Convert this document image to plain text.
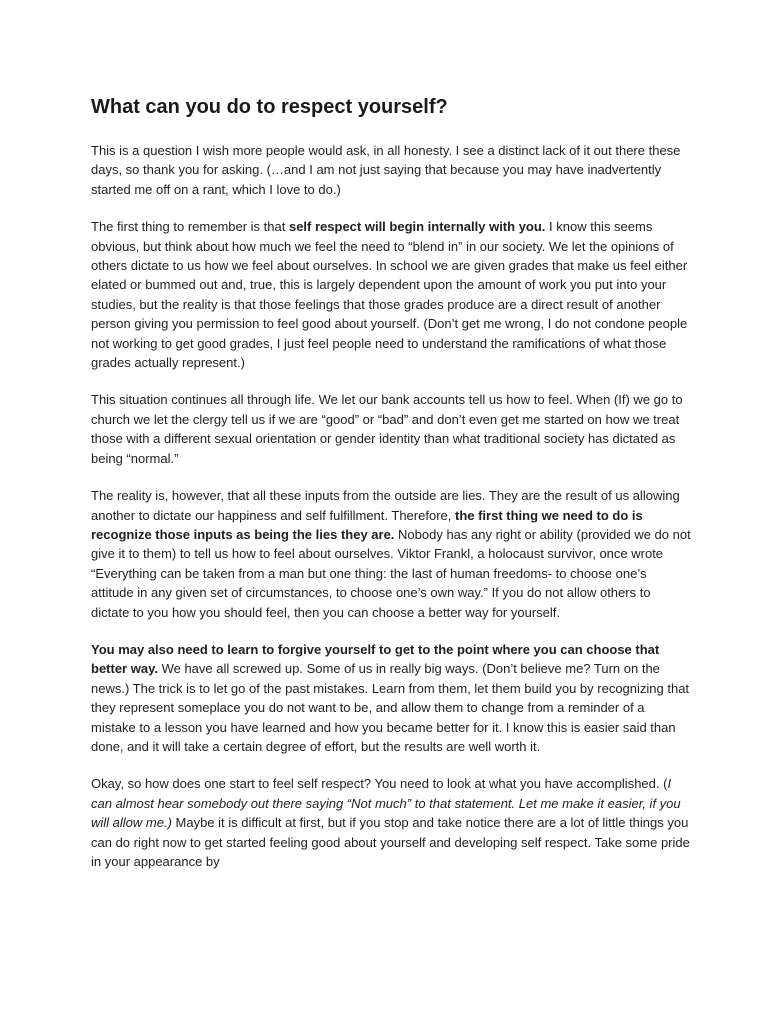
What can you do to respect yourself?

This is a question I wish more people would ask, in all honesty. I see a distinct lack of it out there these days, so thank you for asking. (…and I am not just saying that because you may have inadvertently started me off on a rant, which I love to do.)

The first thing to remember is that self respect will begin internally with you. I know this seems obvious, but think about how much we feel the need to “blend in” in our society. We let the opinions of others dictate to us how we feel about ourselves. In school we are given grades that make us feel either elated or bummed out and, true, this is largely dependent upon the amount of work you put into your studies, but the reality is that those feelings that those grades produce are a direct result of another person giving you permission to feel good about yourself. (Don’t get me wrong, I do not condone people not working to get good grades, I just feel people need to understand the ramifications of what those grades actually represent.)

This situation continues all through life. We let our bank accounts tell us how to feel. When (If) we go to church we let the clergy tell us if we are “good” or “bad” and don’t even get me started on how we treat those with a different sexual orientation or gender identity than what traditional society has dictated as being “normal.”

The reality is, however, that all these inputs from the outside are lies. They are the result of us allowing another to dictate our happiness and self fulfillment. Therefore, the first thing we need to do is recognize those inputs as being the lies they are. Nobody has any right or ability (provided we do not give it to them) to tell us how to feel about ourselves. Viktor Frankl, a holocaust survivor, once wrote “Everything can be taken from a man but one thing: the last of human freedoms- to choose one’s attitude in any given set of circumstances, to choose one’s own way.” If you do not allow others to dictate to you how you should feel, then you can choose a better way for yourself.

You may also need to learn to forgive yourself to get to the point where you can choose that better way. We have all screwed up. Some of us in really big ways. (Don’t believe me? Turn on the news.) The trick is to let go of the past mistakes. Learn from them, let them build you by recognizing that they represent someplace you do not want to be, and allow them to change from a reminder of a mistake to a lesson you have learned and how you became better for it. I know this is easier said than done, and it will take a certain degree of effort, but the results are well worth it.

Okay, so how does one start to feel self respect? You need to look at what you have accomplished. (I can almost hear somebody out there saying “Not much” to that statement. Let me make it easier, if you will allow me.) Maybe it is difficult at first, but if you stop and take notice there are a lot of little things you can do right now to get started feeling good about yourself and developing self respect. Take some pride in your appearance by
